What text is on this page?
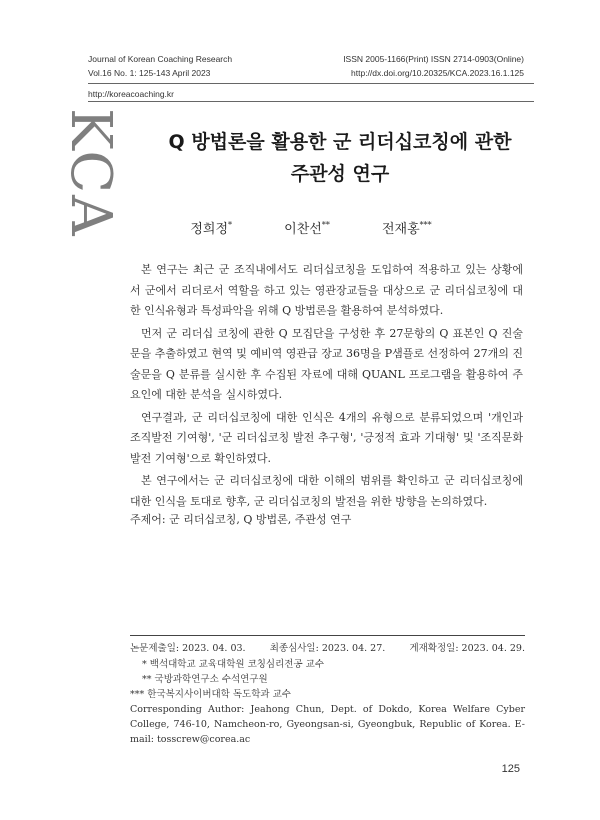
Journal of Korean Coaching Research
Vol.16 No. 1: 125-143 April 2023
ISSN 2005-1166(Print) ISSN 2714-0903(Online)
http://dx.doi.org/10.20325/KCA.2023.16.1.125
http://koreacoaching.kr
KCA	Q 방법론을 활용한 군 리더십코칭에 관한
주관성 연구
정희정*	이찬선**	전재홍***

본 연구는 최근 군 조직내에서도 리더십코칭을 도입하여 적용하고 있는 상황에서 군에서 리더로서 역할을 하고 있는 영관장교들을 대상으로 군 리더십코칭에 대한 인식유형과 특성파악을 위해 Q 방법론을 활용하여 분석하였다.

먼저 군 리더십 코칭에 관한 Q 모집단을 구성한 후 27문항의 Q 표본인 Q 진술문을 추출하였고 현역 및 예비역 영관급 장교 36명을 P샘플로 선정하여 27개의 진술문을 Q 분류를 실시한 후 수집된 자료에 대해 QUANL 프로그램을 활용하여 주요인에 대한 분석을 실시하였다.

연구결과, 군 리더십코칭에 대한 인식은 4개의 유형으로 분류되었으며 '개인과 조직발전 기여형', '군 리더십코칭 발전 추구형', '긍정적 효과 기대형' 및 '조직문화 발전 기여형'으로 확인하였다.

본 연구에서는 군 리더십코칭에 대한 이해의 범위를 확인하고 군 리더십코칭에 대한 인식을 토대로 향후, 군 리더십코칭의 발전을 위한 방향을 논의하였다.

주제어: 군 리더십코칭, Q 방법론, 주관성 연구
논문제출일: 2023. 04. 03.	최종심사일: 2023. 04. 27.	게재확정일: 2023. 04. 29.
* 백석대학교 교육대학원 코칭심리전공 교수
** 국방과학연구소 수석연구원
*** 한국복지사이버대학 독도학과 교수
Corresponding Author: Jeahong Chun, Dept. of Dokdo, Korea Welfare Cyber College, 746-10, Namcheon-ro, Gyeongsan-si, Gyeongbuk, Republic of Korea. E-mail: tosscrew@corea.ac
125
